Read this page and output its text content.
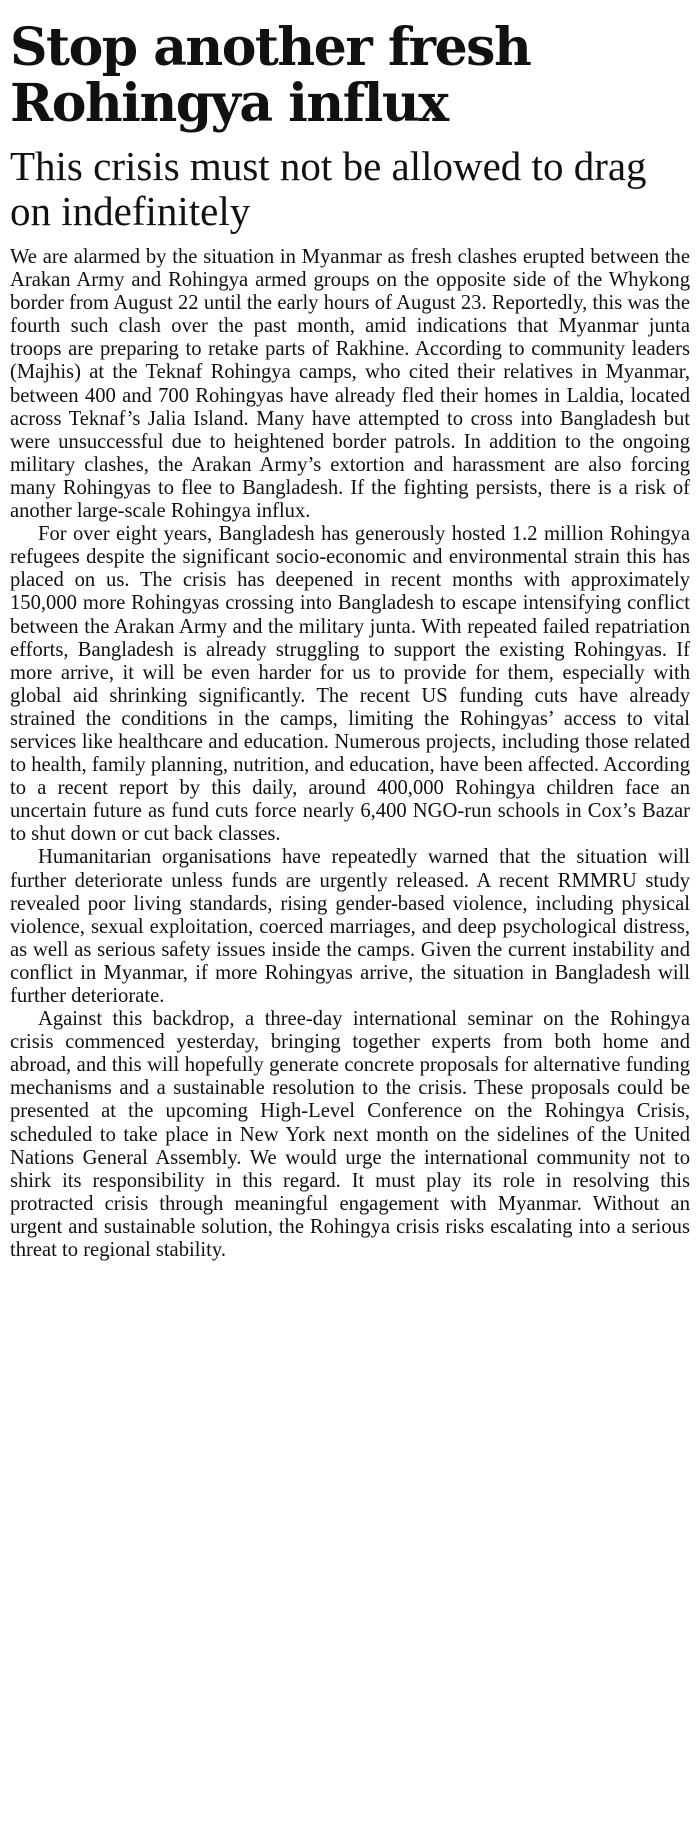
Stop another fresh Rohingya influx
This crisis must not be allowed to drag on indefinitely

We are alarmed by the situation in Myanmar as fresh clashes erupted between the Arakan Army and Rohingya armed groups on the opposite side of the Whykong border from August 22 until the early hours of August 23. Reportedly, this was the fourth such clash over the past month, amid indications that Myanmar junta troops are preparing to retake parts of Rakhine. According to community leaders (Majhis) at the Teknaf Rohingya camps, who cited their relatives in Myanmar, between 400 and 700 Rohingyas have already fled their homes in Laldia, located across Teknaf’s Jalia Island. Many have attempted to cross into Bangladesh but were unsuccessful due to heightened border patrols. In addition to the ongoing military clashes, the Arakan Army’s extortion and harassment are also forcing many Rohingyas to flee to Bangladesh. If the fighting persists, there is a risk of another large-scale Rohingya influx.

For over eight years, Bangladesh has generously hosted 1.2 million Rohingya refugees despite the significant socio-economic and environmental strain this has placed on us. The crisis has deepened in recent months with approximately 150,000 more Rohingyas crossing into Bangladesh to escape intensifying conflict between the Arakan Army and the military junta. With repeated failed repatriation efforts, Bangladesh is already struggling to support the existing Rohingyas. If more arrive, it will be even harder for us to provide for them, especially with global aid shrinking significantly. The recent US funding cuts have already strained the conditions in the camps, limiting the Rohingyas’ access to vital services like healthcare and education. Numerous projects, including those related to health, family planning, nutrition, and education, have been affected. According to a recent report by this daily, around 400,000 Rohingya children face an uncertain future as fund cuts force nearly 6,400 NGO-run schools in Cox’s Bazar to shut down or cut back classes.

Humanitarian organisations have repeatedly warned that the situation will further deteriorate unless funds are urgently released. A recent RMMRU study revealed poor living standards, rising gender-based violence, including physical violence, sexual exploitation, coerced marriages, and deep psychological distress, as well as serious safety issues inside the camps. Given the current instability and conflict in Myanmar, if more Rohingyas arrive, the situation in Bangladesh will further deteriorate.

Against this backdrop, a three-day international seminar on the Rohingya crisis commenced yesterday, bringing together experts from both home and abroad, and this will hopefully generate concrete proposals for alternative funding mechanisms and a sustainable resolution to the crisis. These proposals could be presented at the upcoming High-Level Conference on the Rohingya Crisis, scheduled to take place in New York next month on the sidelines of the United Nations General Assembly. We would urge the international community not to shirk its responsibility in this regard. It must play its role in resolving this protracted crisis through meaningful engagement with Myanmar. Without an urgent and sustainable solution, the Rohingya crisis risks escalating into a serious threat to regional stability.
